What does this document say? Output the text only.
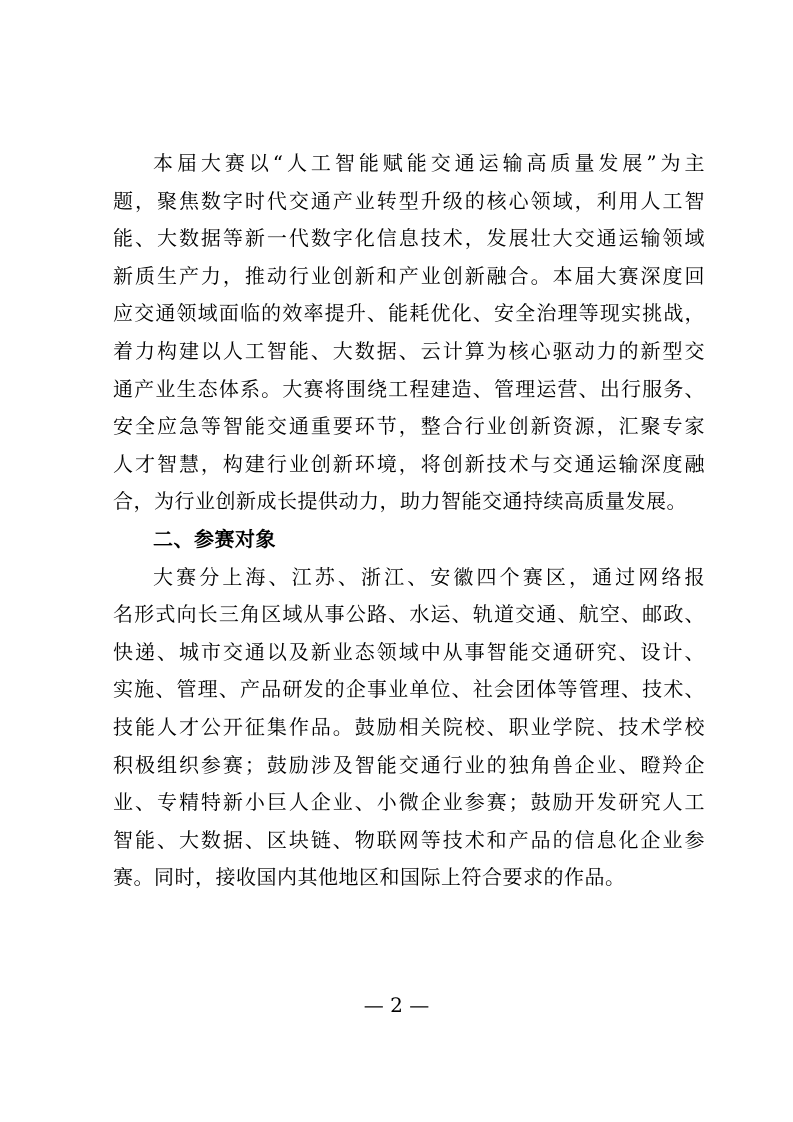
本届大赛以“人工智能赋能交通运输高质量发展”为主
题，聚焦数字时代交通产业转型升级的核心领域，利用人工智
能、大数据等新一代数字化信息技术，发展壮大交通运输领域
新质生产力，推动行业创新和产业创新融合。本届大赛深度回
应交通领域面临的效率提升、能耗优化、安全治理等现实挑战，
着力构建以人工智能、大数据、云计算为核心驱动力的新型交
通产业生态体系。大赛将围绕工程建造、管理运营、出行服务、
安全应急等智能交通重要环节，整合行业创新资源，汇聚专家
人才智慧，构建行业创新环境，将创新技术与交通运输深度融
合，为行业创新成长提供动力，助力智能交通持续高质量发展。
二、参赛对象
大赛分上海、江苏、浙江、安徽四个赛区，通过网络报
名形式向长三角区域从事公路、水运、轨道交通、航空、邮政、
快递、城市交通以及新业态领域中从事智能交通研究、设计、
实施、管理、产品研发的企事业单位、社会团体等管理、技术、
技能人才公开征集作品。鼓励相关院校、职业学院、技术学校
积极组织参赛；鼓励涉及智能交通行业的独角兽企业、瞪羚企
业、专精特新小巨人企业、小微企业参赛；鼓励开发研究人工
智能、大数据、区块链、物联网等技术和产品的信息化企业参
赛。同时，接收国内其他地区和国际上符合要求的作品。
— 2 —
